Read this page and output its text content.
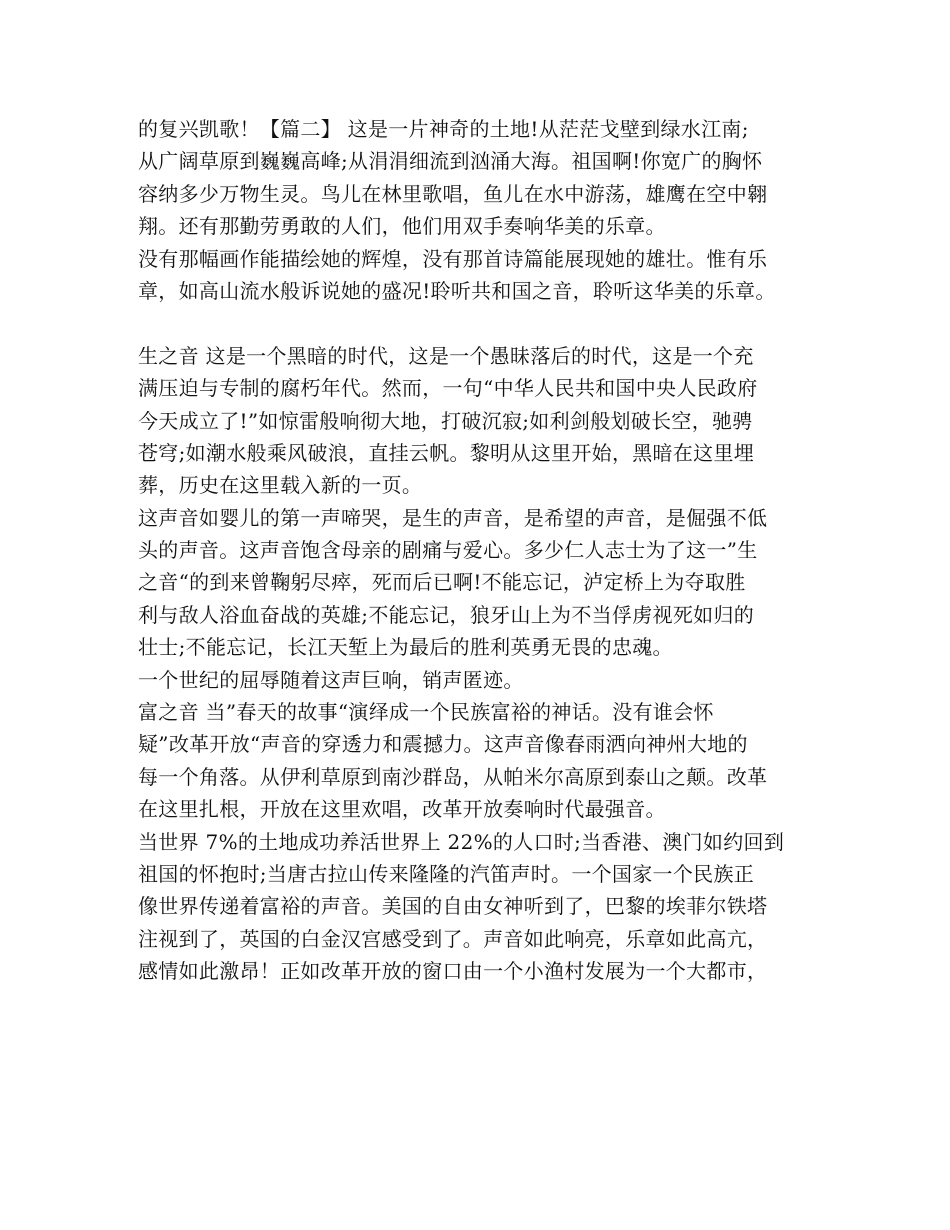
的复兴凯歌！【篇二】 这是一片神奇的土地!从茫茫戈壁到绿水江南;
从广阔草原到巍巍高峰;从涓涓细流到汹涌大海。祖国啊!你宽广的胸怀
容纳多少万物生灵。鸟儿在林里歌唱，鱼儿在水中游荡，雄鹰在空中翱
翔。还有那勤劳勇敢的人们，他们用双手奏响华美的乐章。
没有那幅画作能描绘她的辉煌，没有那首诗篇能展现她的雄壮。惟有乐
章，如高山流水般诉说她的盛况!聆听共和国之音，聆听这华美的乐章。
生之音 这是一个黑暗的时代，这是一个愚昧落后的时代，这是一个充
满压迫与专制的腐朽年代。然而，一句“中华人民共和国中央人民政府
今天成立了!”如惊雷般响彻大地，打破沉寂;如利剑般划破长空，驰骋
苍穹;如潮水般乘风破浪，直挂云帆。黎明从这里开始，黑暗在这里埋
葬，历史在这里载入新的一页。
这声音如婴儿的第一声啼哭，是生的声音，是希望的声音，是倔强不低
头的声音。这声音饱含母亲的剧痛与爱心。多少仁人志士为了这一”生
之音“的到来曾鞠躬尽瘁，死而后已啊!不能忘记，泸定桥上为夺取胜
利与敌人浴血奋战的英雄;不能忘记，狼牙山上为不当俘虏视死如归的
壮士;不能忘记，长江天堑上为最后的胜利英勇无畏的忠魂。
一个世纪的屈辱随着这声巨响，销声匿迹。
富之音 当”春天的故事“演绎成一个民族富裕的神话。没有谁会怀
疑”改革开放“声音的穿透力和震撼力。这声音像春雨洒向神州大地的
每一个角落。从伊利草原到南沙群岛，从帕米尔高原到泰山之颠。改革
在这里扎根，开放在这里欢唱，改革开放奏响时代最强音。
当世界 7%的土地成功养活世界上 22%的人口时;当香港、澳门如约回到
祖国的怀抱时;当唐古拉山传来隆隆的汽笛声时。一个国家一个民族正
像世界传递着富裕的声音。美国的自由女神听到了，巴黎的埃菲尔铁塔
注视到了，英国的白金汉宫感受到了。声音如此响亮，乐章如此高亢，
感情如此激昂！正如改革开放的窗口由一个小渔村发展为一个大都市，
